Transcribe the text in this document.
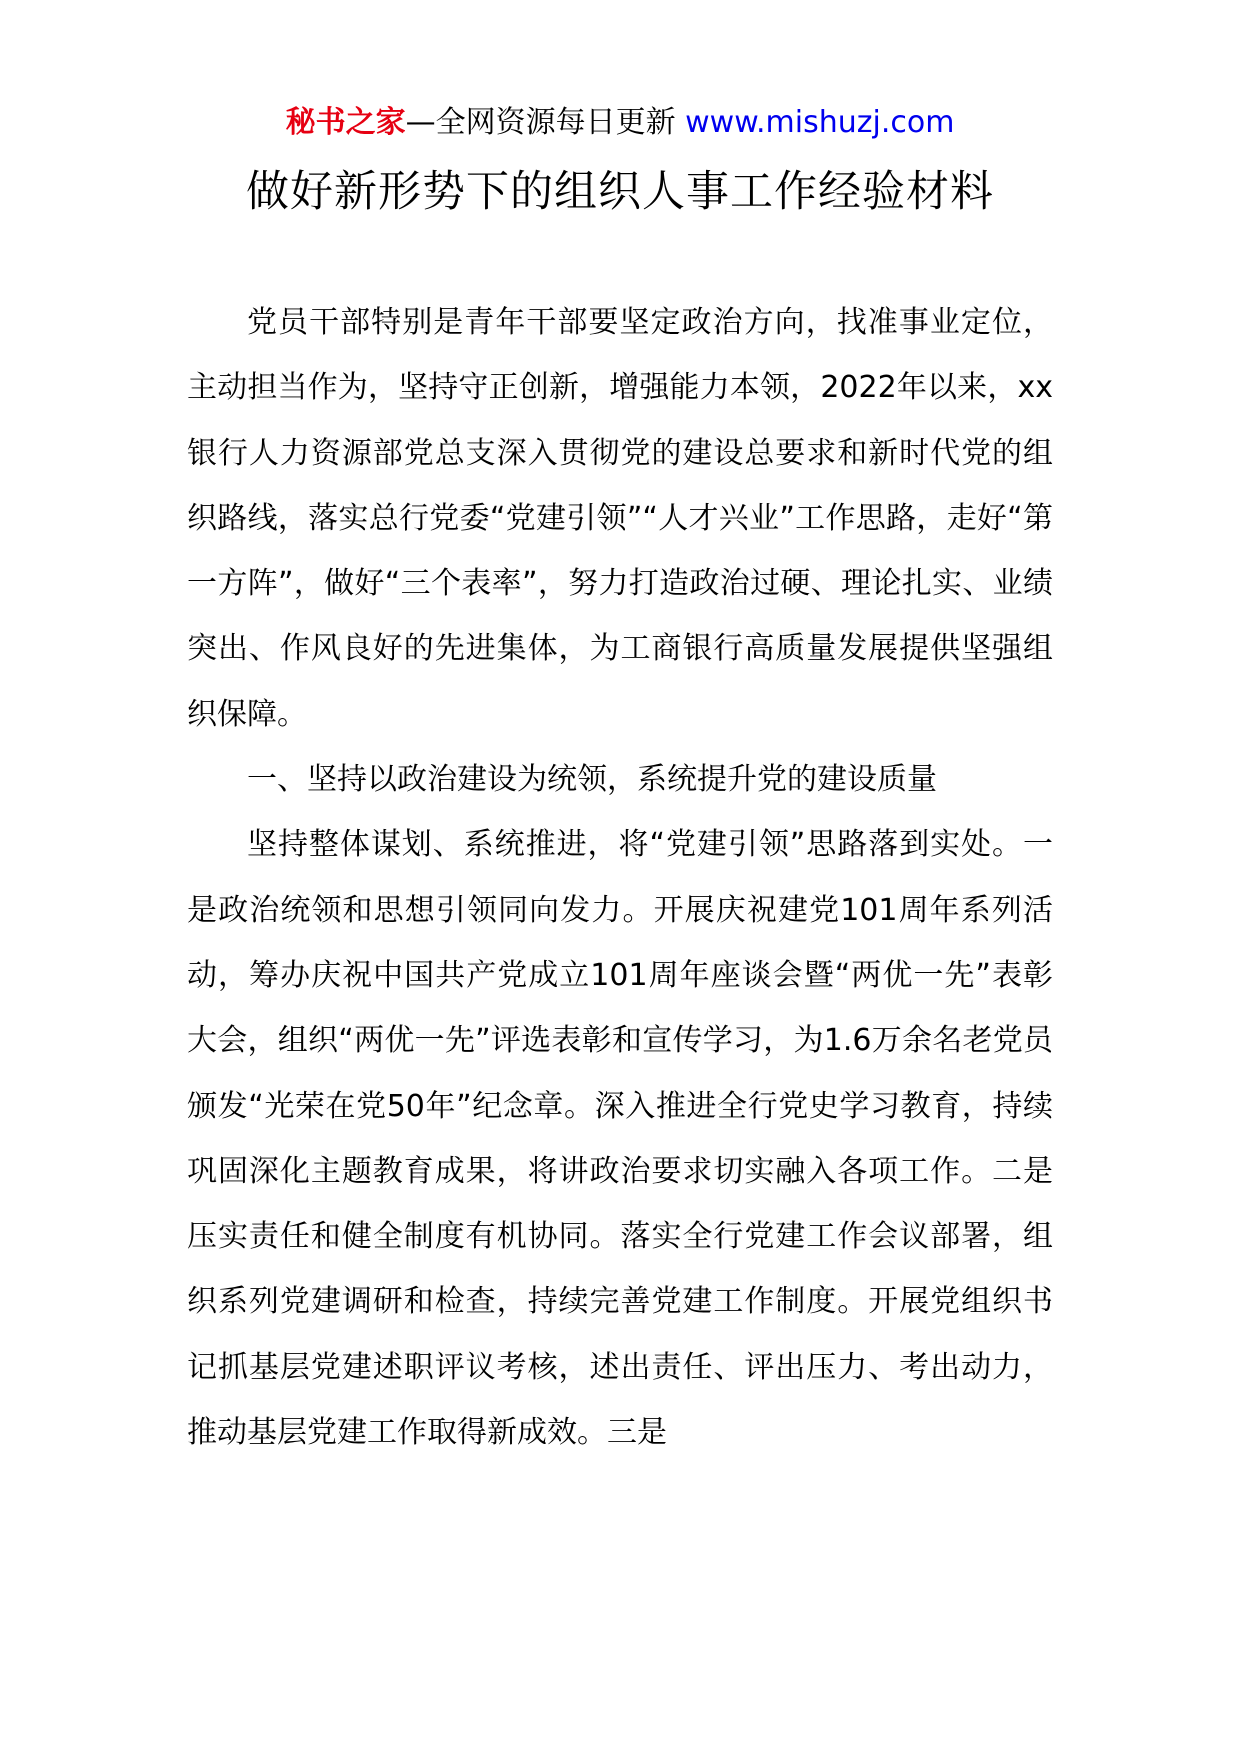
秘书之家—全网资源每日更新 www.mishuzj.com
做好新形势下的组织人事工作经验材料

党员干部特别是青年干部要坚定政治方向，找准事业定位，主动担当作为，坚持守正创新，增强能力本领，2022年以来，xx银行人力资源部党总支深入贯彻党的建设总要求和新时代党的组织路线，落实总行党委“党建引领”“人才兴业”工作思路，走好“第一方阵”，做好“三个表率”，努力打造政治过硬、理论扎实、业绩突出、作风良好的先进集体，为工商银行高质量发展提供坚强组织保障。

一、坚持以政治建设为统领，系统提升党的建设质量

坚持整体谋划、系统推进，将“党建引领”思路落到实处。一是政治统领和思想引领同向发力。开展庆祝建党101周年系列活动，筹办庆祝中国共产党成立101周年座谈会暨“两优一先”表彰大会，组织“两优一先”评选表彰和宣传学习，为1.6万余名老党员颁发“光荣在党50年”纪念章。深入推进全行党史学习教育，持续巩固深化主题教育成果，将讲政治要求切实融入各项工作。二是压实责任和健全制度有机协同。落实全行党建工作会议部署，组织系列党建调研和检查，持续完善党建工作制度。开展党组织书记抓基层党建述职评议考核，述出责任、评出压力、考出动力，推动基层党建工作取得新成效。三是
